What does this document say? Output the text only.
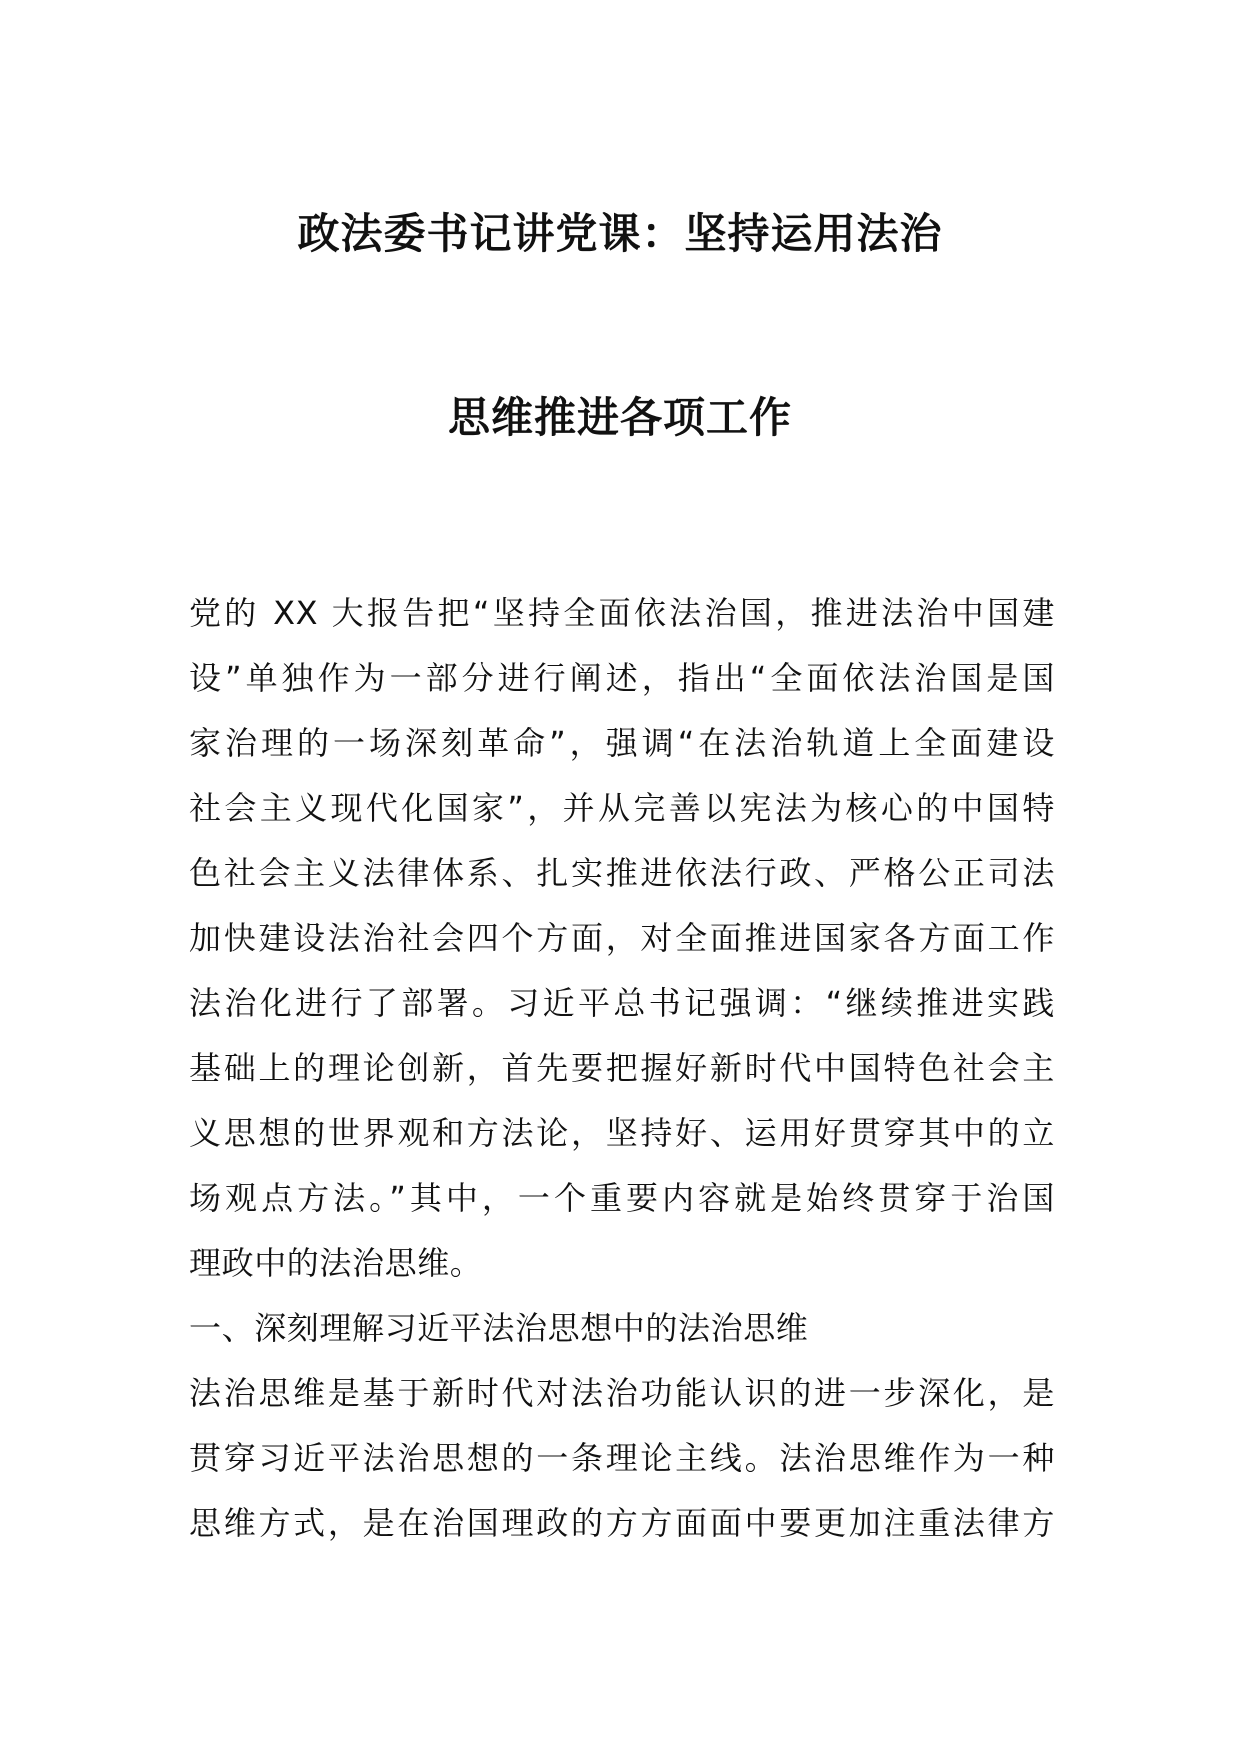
政法委书记讲党课：坚持运用法治
思维推进各项工作
党的 XX 大报告把“坚持全面依法治国，推进法治中国建
设”单独作为一部分进行阐述，指出“全面依法治国是国
家治理的一场深刻革命”，强调“在法治轨道上全面建设
社会主义现代化国家”，并从完善以宪法为核心的中国特
色社会主义法律体系、扎实推进依法行政、严格公正司法
加快建设法治社会四个方面，对全面推进国家各方面工作
法治化进行了部署。习近平总书记强调：“继续推进实践
基础上的理论创新，首先要把握好新时代中国特色社会主
义思想的世界观和方法论，坚持好、运用好贯穿其中的立
场观点方法。”其中，一个重要内容就是始终贯穿于治国
理政中的法治思维。
一、深刻理解习近平法治思想中的法治思维
法治思维是基于新时代对法治功能认识的进一步深化，是
贯穿习近平法治思想的一条理论主线。法治思维作为一种
思维方式，是在治国理政的方方面面中要更加注重法律方
